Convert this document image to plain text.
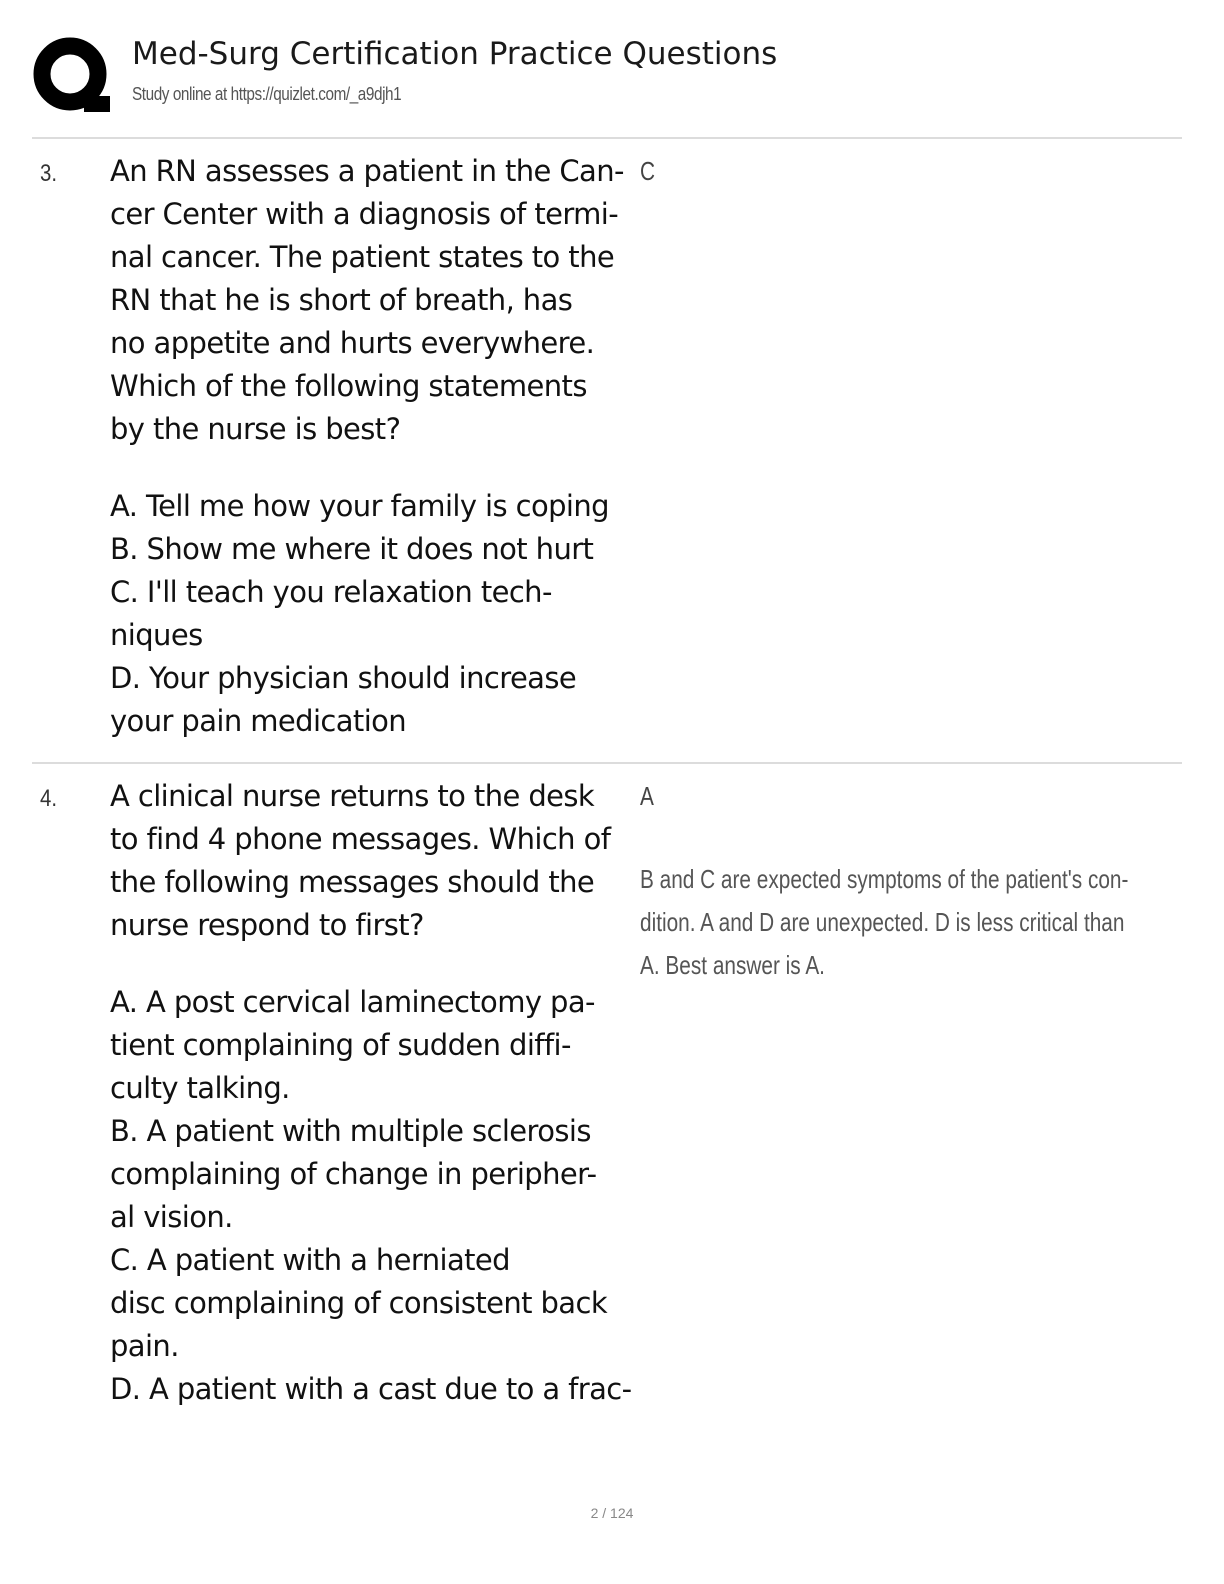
Med-Surg Certification Practice Questions
Study online at https://quizlet.com/_a9djh1
3. An RN assesses a patient in the Can-
cer Center with a diagnosis of termi-
nal cancer. The patient states to the
RN that he is short of breath, has
no appetite and hurts everywhere.
Which of the following statements
by the nurse is best?
A. Tell me how your family is coping
B. Show me where it does not hurt
C. I'll teach you relaxation tech-
niques
D. Your physician should increase
your pain medication
C
4. A clinical nurse returns to the desk
to find 4 phone messages. Which of
the following messages should the
nurse respond to first?
A. A post cervical laminectomy pa-
tient complaining of sudden diffi-
culty talking.
B. A patient with multiple sclerosis
complaining of change in peripher-
al vision.
C. A patient with a herniated
disc complaining of consistent back
pain.
D. A patient with a cast due to a frac-
A
B and C are expected symptoms of the patient's con-
dition. A and D are unexpected. D is less critical than
A. Best answer is A.
2 / 124
